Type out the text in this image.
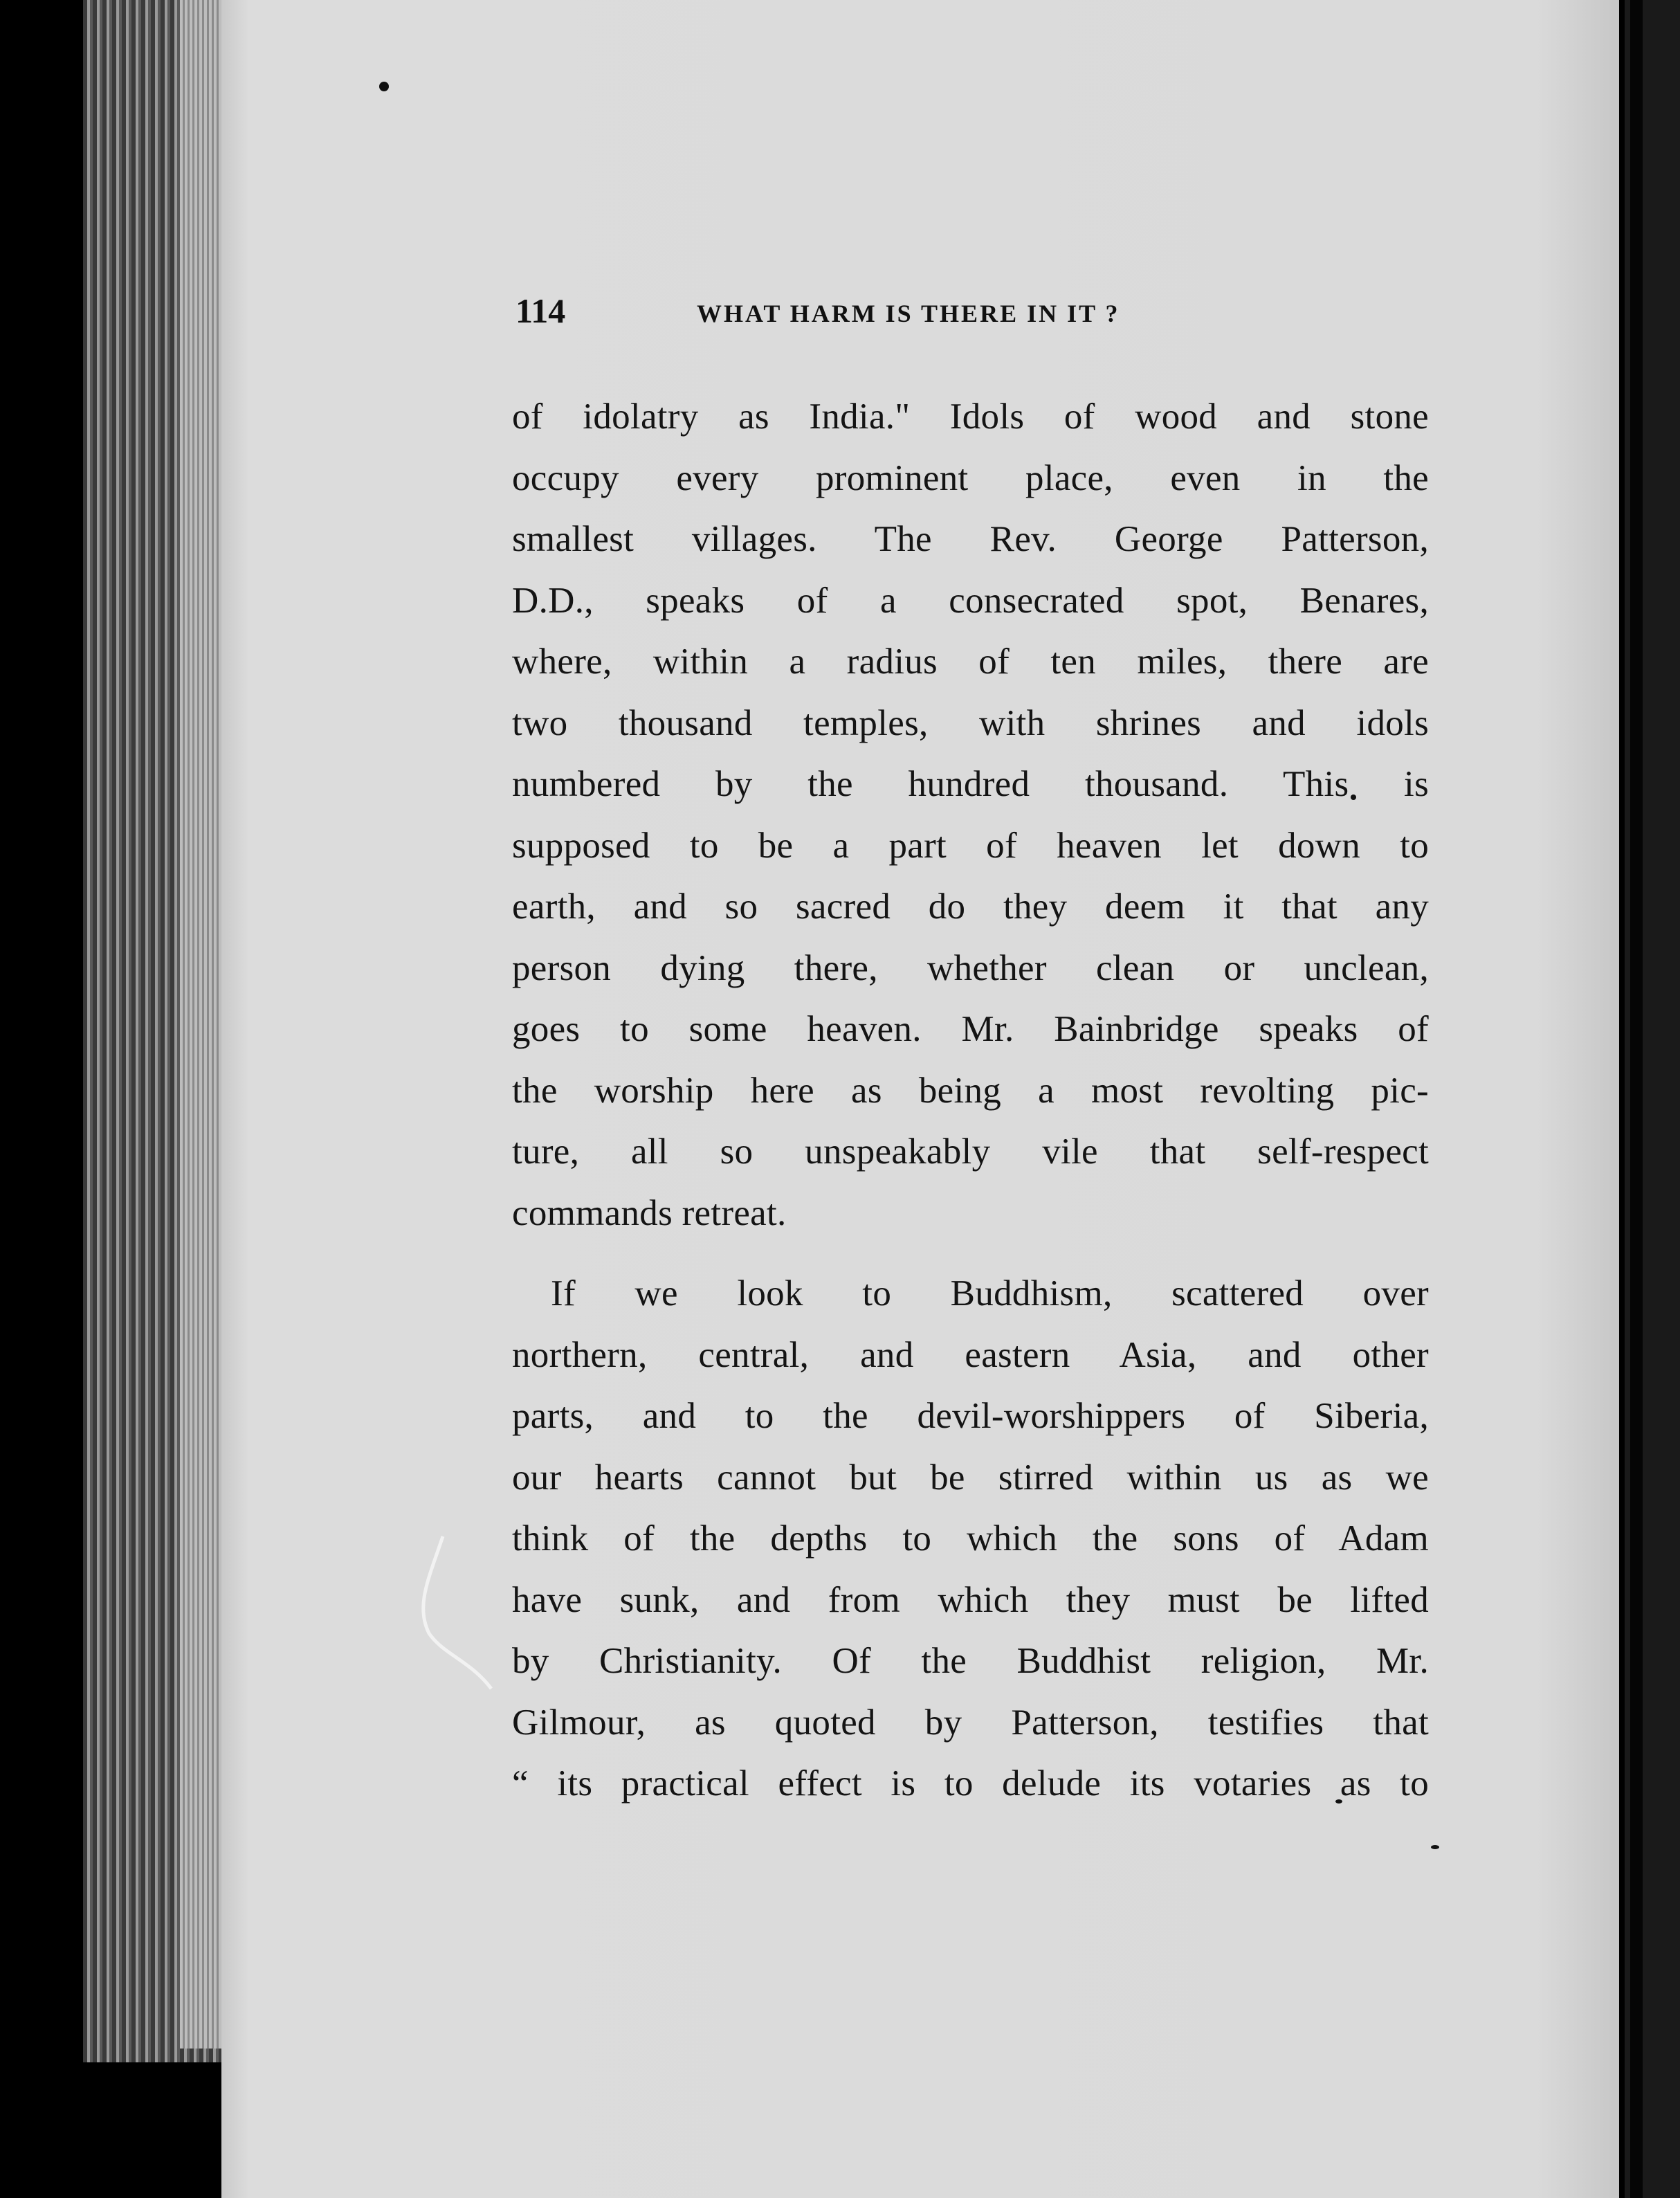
114	WHAT HARM IS THERE IN IT ?
of idolatry as India." Idols of wood and stone
occupy every prominent place, even in the
smallest villages. The Rev. George Patterson,
D.D., speaks of a consecrated spot, Benares,
where, within a radius of ten miles, there are
two thousand temples, with shrines and idols
numbered by the hundred thousand. This is
supposed to be a part of heaven let down to
earth, and so sacred do they deem it that any
person dying there, whether clean or unclean,
goes to some heaven. Mr. Bainbridge speaks of
the worship here as being a most revolting pic-
ture, all so unspeakably vile that self-respect
commands retreat.
If we look to Buddhism, scattered over
northern, central, and eastern Asia, and other
parts, and to the devil-worshippers of Siberia,
our hearts cannot but be stirred within us as we
think of the depths to which the sons of Adam
have sunk, and from which they must be lifted
by Christianity. Of the Buddhist religion, Mr.
Gilmour, as quoted by Patterson, testifies that
“ its practical effect is to delude its votaries as to
